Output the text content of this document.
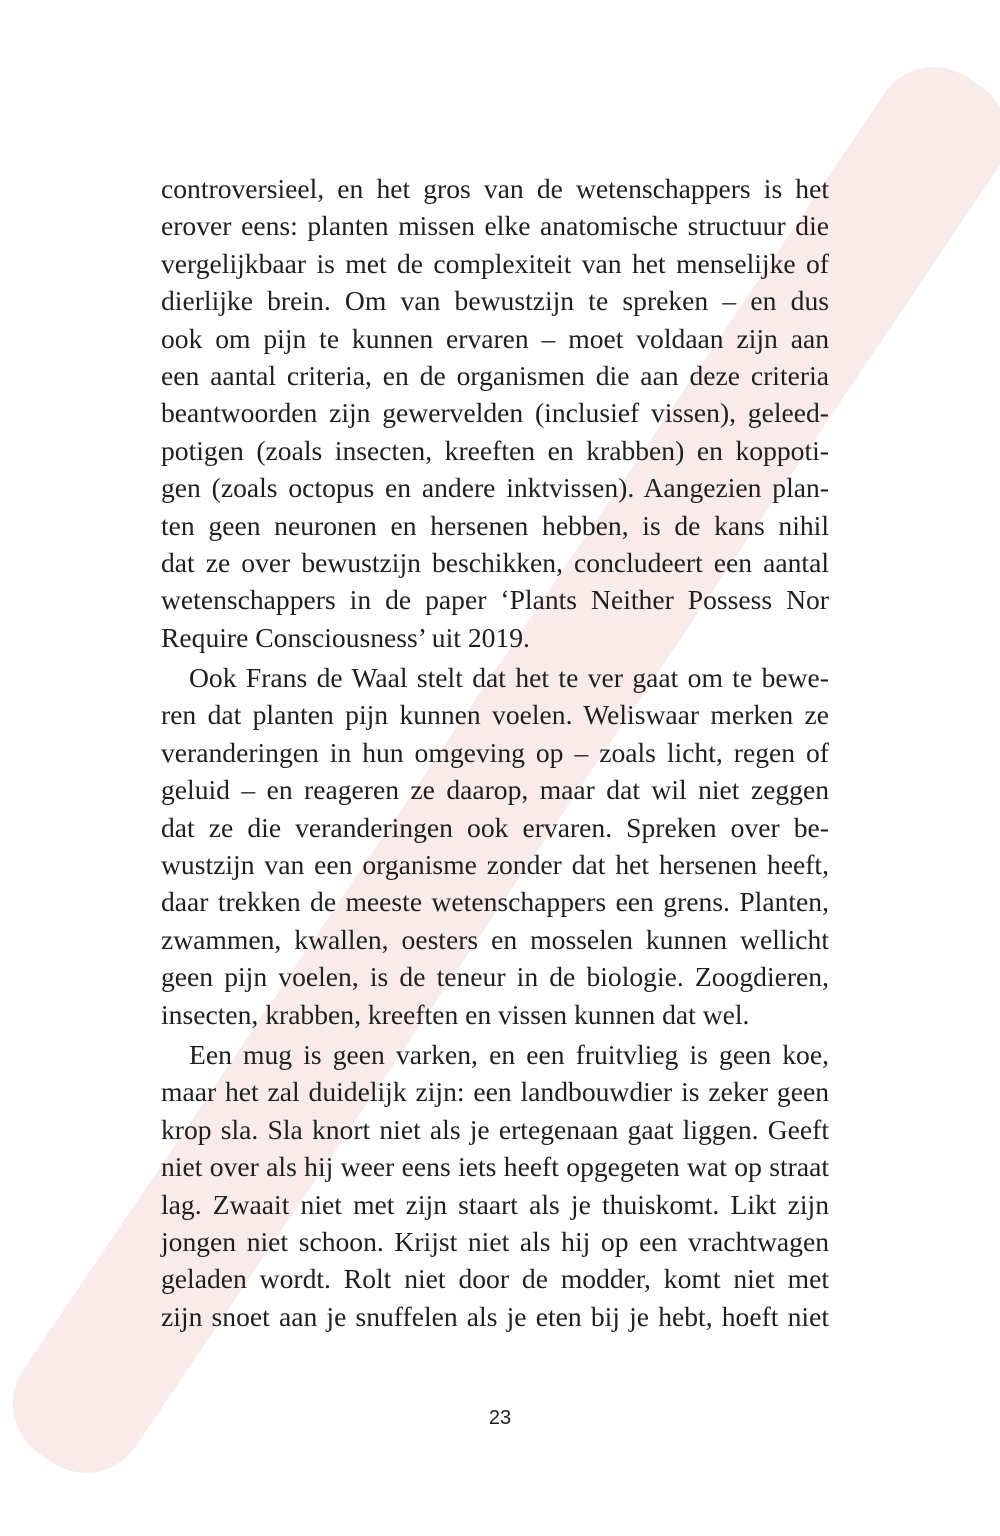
controversieel, en het gros van de wetenschappers is het
erover eens: planten missen elke anatomische structuur die
vergelijkbaar is met de complexiteit van het menselijke of
dierlijke brein. Om van bewustzijn te spreken – en dus
ook om pijn te kunnen ervaren – moet voldaan zijn aan
een aantal criteria, en de organismen die aan deze criteria
beantwoorden zijn gewervelden (inclusief vissen), geleed-
potigen (zoals insecten, kreeften en krabben) en koppoti-
gen (zoals octopus en andere inktvissen). Aangezien plan-
ten geen neuronen en hersenen hebben, is de kans nihil
dat ze over bewustzijn beschikken, concludeert een aantal
wetenschappers in de paper ‘Plants Neither Possess Nor
Require Consciousness’ uit 2019.
Ook Frans de Waal stelt dat het te ver gaat om te bewe-
ren dat planten pijn kunnen voelen. Weliswaar merken ze
veranderingen in hun omgeving op – zoals licht, regen of
geluid – en reageren ze daarop, maar dat wil niet zeggen
dat ze die veranderingen ook ervaren. Spreken over be-
wustzijn van een organisme zonder dat het hersenen heeft,
daar trekken de meeste wetenschappers een grens. Planten,
zwammen, kwallen, oesters en mosselen kunnen wellicht
geen pijn voelen, is de teneur in de biologie. Zoogdieren,
insecten, krabben, kreeften en vissen kunnen dat wel.
Een mug is geen varken, en een fruitvlieg is geen koe,
maar het zal duidelijk zijn: een landbouwdier is zeker geen
krop sla. Sla knort niet als je ertegenaan gaat liggen. Geeft
niet over als hij weer eens iets heeft opgegeten wat op straat
lag. Zwaait niet met zijn staart als je thuiskomt. Likt zijn
jongen niet schoon. Krijst niet als hij op een vrachtwagen
geladen wordt. Rolt niet door de modder, komt niet met
zijn snoet aan je snuffelen als je eten bij je hebt, hoeft niet
23
